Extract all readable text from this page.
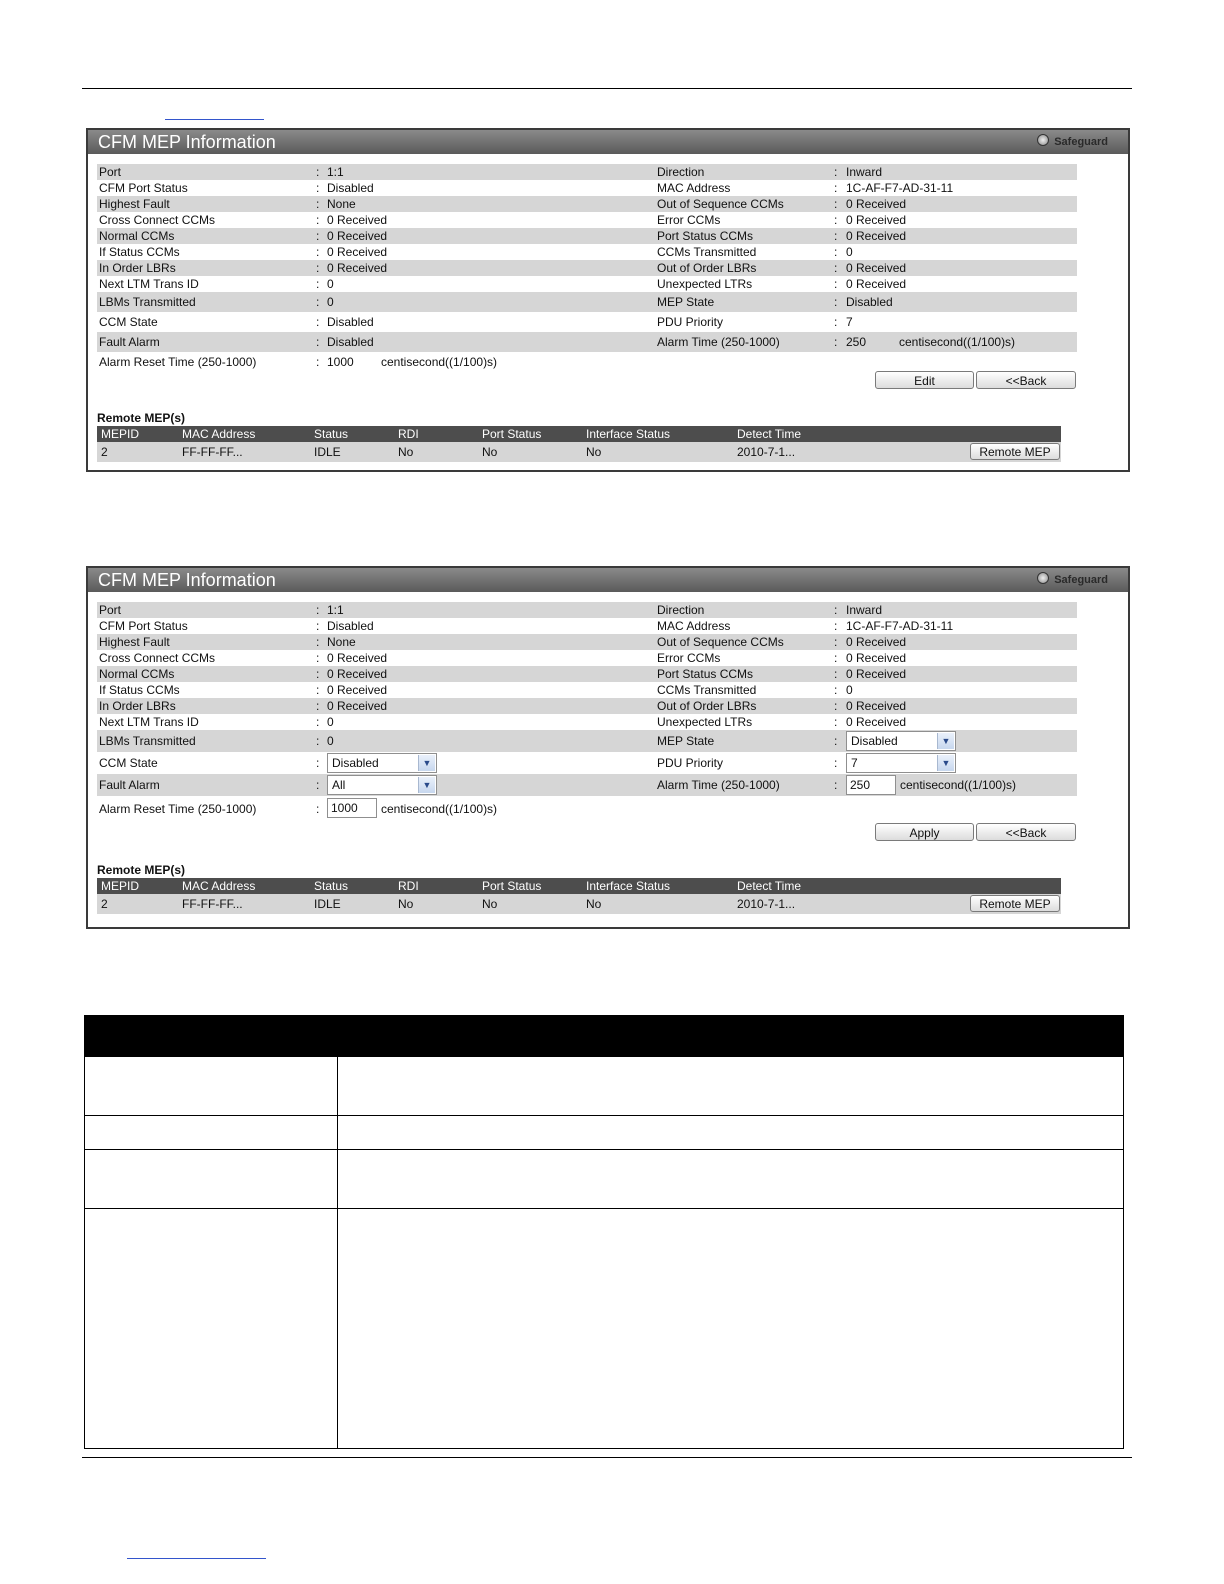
CFM MEP Information	Safeguard
Port	: 1:1	Direction	: Inward
CFM Port Status	: Disabled	MAC Address	: 1C-AF-F7-AD-31-11
Highest Fault	: None	Out of Sequence CCMs	: 0 Received
Cross Connect CCMs	: 0 Received	Error CCMs	: 0 Received
Normal CCMs	: 0 Received	Port Status CCMs	: 0 Received
If Status CCMs	: 0 Received	CCMs Transmitted	: 0
In Order LBRs	: 0 Received	Out of Order LBRs	: 0 Received
Next LTM Trans ID	: 0	Unexpected LTRs	: 0 Received
LBMs Transmitted	: 0	MEP State	: Disabled
CCM State	: Disabled	PDU Priority	: 7
Fault Alarm	: Disabled	Alarm Time (250-1000)	: 250	centisecond((1/100)s)
Alarm Reset Time (250-1000)	: 1000 centisecond((1/100)s)
Edit	<<Back
Remote MEP(s)
MEPID	MAC Address	Status	RDI	Port Status	Interface Status	Detect Time
2	FF-FF-FF...	IDLE	No	No	No	2010-7-1...	Remote MEP
CFM MEP Information	Safeguard
Port	: 1:1	Direction	: Inward
CFM Port Status	: Disabled	MAC Address	: 1C-AF-F7-AD-31-11
Highest Fault	: None	Out of Sequence CCMs	: 0 Received
Cross Connect CCMs	: 0 Received	Error CCMs	: 0 Received
Normal CCMs	: 0 Received	Port Status CCMs	: 0 Received
If Status CCMs	: 0 Received	CCMs Transmitted	: 0
In Order LBRs	: 0 Received	Out of Order LBRs	: 0 Received
Next LTM Trans ID	: 0	Unexpected LTRs	: 0 Received
LBMs Transmitted	: 0	MEP State	:	Disabled	▼
CCM State	:	Disabled	▼	PDU Priority	:	7	▼
Fault Alarm	:	All	▼	Alarm Time (250-1000)	:	250	centisecond((1/100)s)
Alarm Reset Time (250-1000)	: 1000	centisecond((1/100)s)
Apply	<<Back
Remote MEP(s)
MEPID	MAC Address	Status	RDI	Port Status	Interface Status	Detect Time
2	FF-FF-FF...	IDLE	No	No	No	2010-7-1...	Remote MEP
